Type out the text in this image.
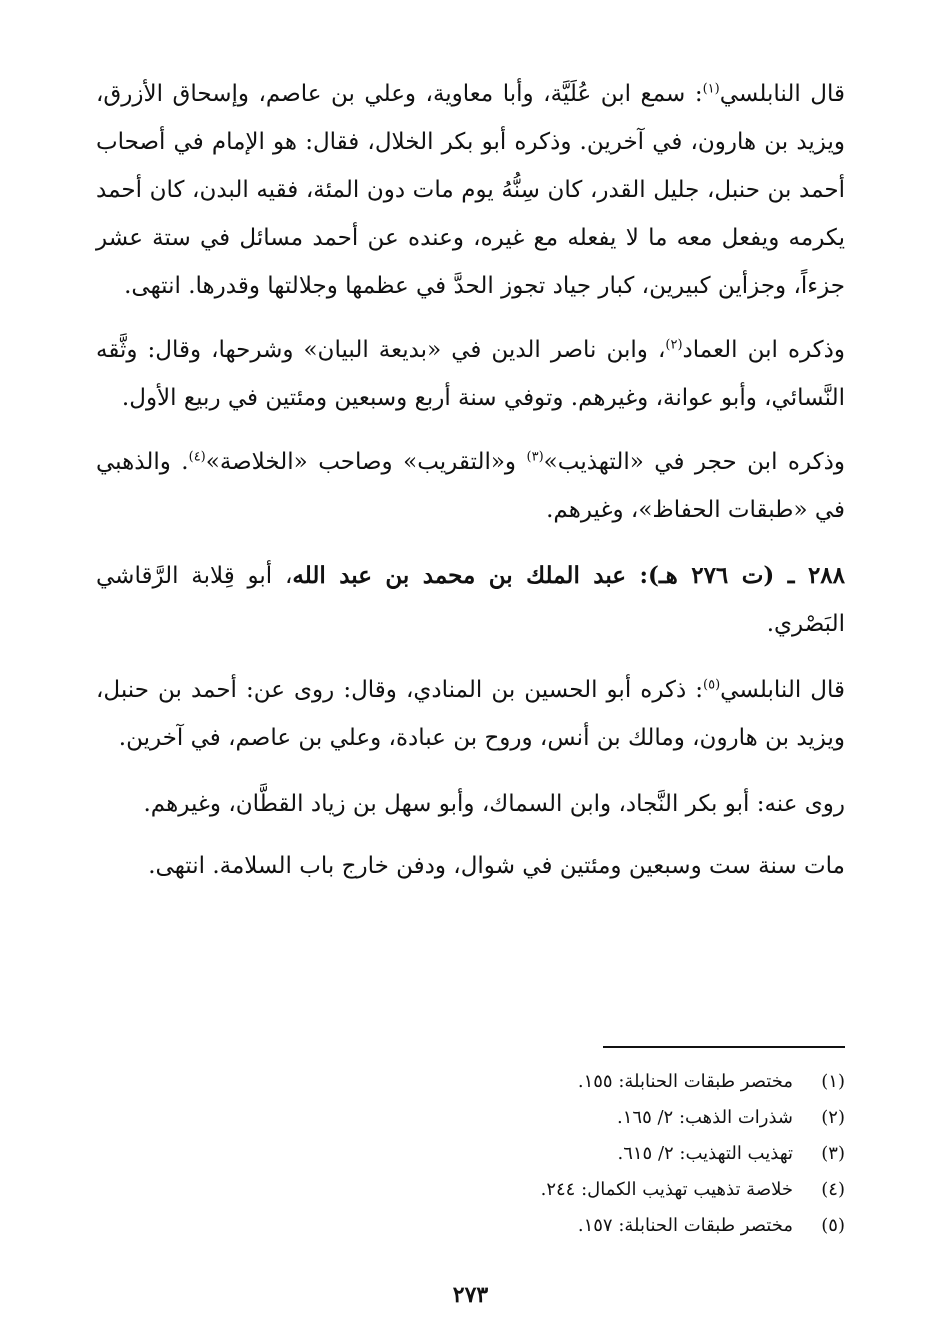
قال النابلسي$^{(١)}$: سمع ابن عُلَيَّة، وأبا معاوية، وعلي بن عاصم، وإسحاق الأزرق، ويزيد بن هارون، في آخرين. وذكره أبو بكر الخلال، فقال: هو الإمام في أصحاب أحمد بن حنبل، جليل القدر، كان سِنُّهُ يوم مات دون المئة، فقيه البدن، كان أحمد يكرمه ويفعل معه ما لا يفعله مع غيره، وعنده عن أحمد مسائل في ستة عشر جزءاً، وجزأين كبيرين، كبار جياد تجوز الحدَّ في عظمها وجلالتها وقدرها. انتهى.

وذكره ابن العماد$^{(٢)}$، وابن ناصر الدين في «بديعة البيان» وشرحها، وقال: وثَّقه النَّسائي، وأبو عوانة، وغيرهم. وتوفي سنة أربع وسبعين ومئتين في ربيع الأول.

وذكره ابن حجر في «التهذيب»$^{(٣)}$ و«التقريب» وصاحب «الخلاصة»$^{(٤)}$. والذهبي في «طبقات الحفاظ»، وغيرهم.

٢٨٨ ـ (ت ٢٧٦ هـ): عبد الملك بن محمد بن عبد الله، أبو قِلابة الرَّقاشي البَصْري.

قال النابلسي$^{(٥)}$: ذكره أبو الحسين بن المنادي، وقال: روى عن: أحمد بن حنبل، ويزيد بن هارون، ومالك بن أنس، وروح بن عبادة، وعلي بن عاصم، في آخرين.

روى عنه: أبو بكر النَّجاد، وابن السماك، وأبو سهل بن زياد القطَّان، وغيرهم.

مات سنة ست وسبعين ومئتين في شوال، ودفن خارج باب السلامة. انتهى.

(١)
مختصر طبقات الحنابلة: ١٥٥.
(٢)
شذرات الذهب: ٢/ ١٦٥.
(٣)
تهذيب التهذيب: ٢/ ٦١٥.
(٤)
خلاصة تذهيب تهذيب الكمال: ٢٤٤.
(٥)
مختصر طبقات الحنابلة: ١٥٧.
٢٧٣
